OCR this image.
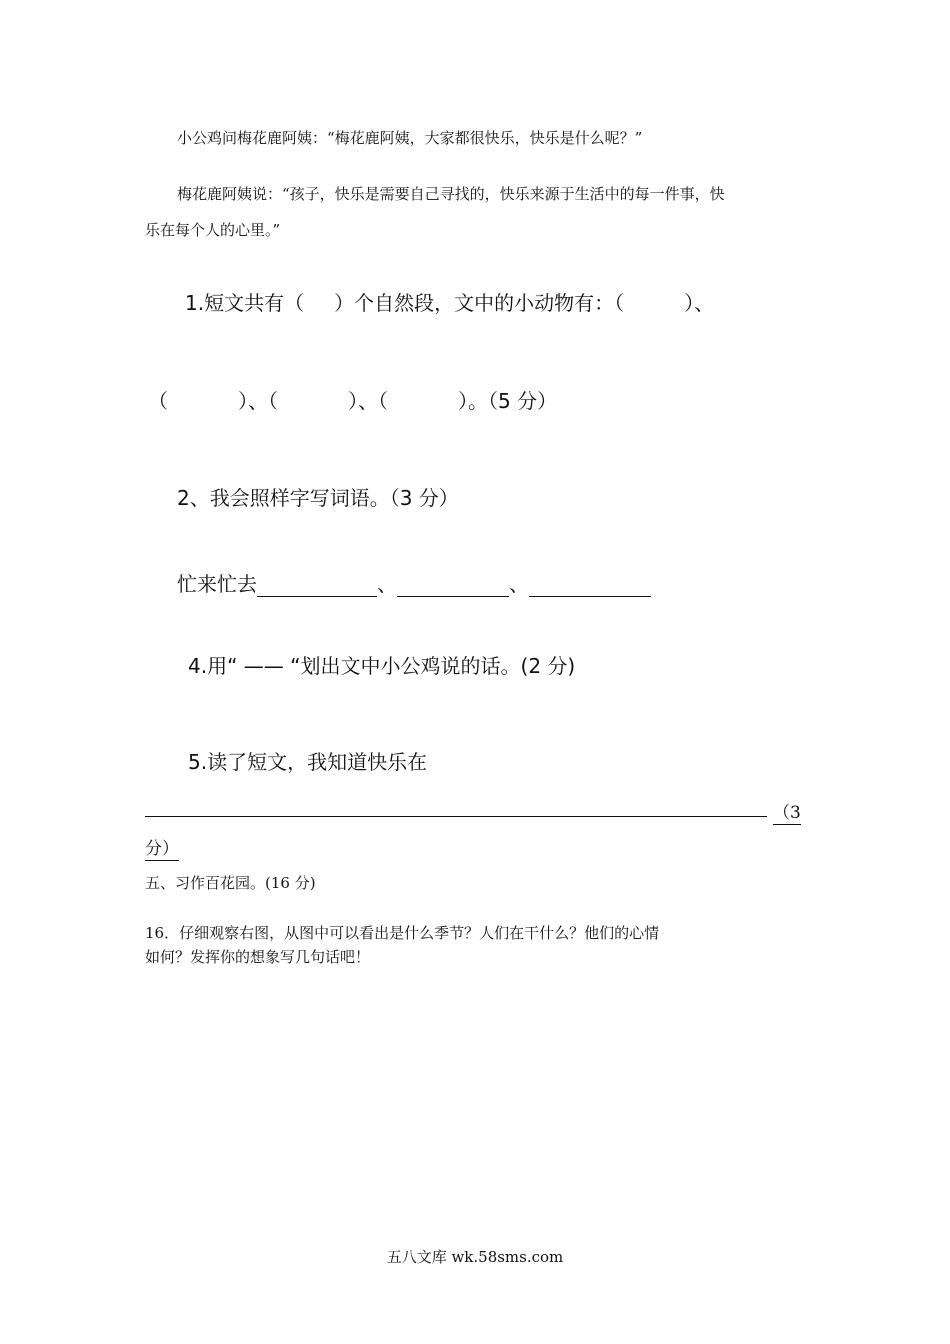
小公鸡问梅花鹿阿姨：“梅花鹿阿姨，大家都很快乐，快乐是什么呢？”
梅花鹿阿姨说：“孩子，快乐是需要自己寻找的，快乐来源于生活中的每一件事，快
乐在每个人的心里。”
1.短文共有（ ）个自然段，文中的小动物有：（	）、
（	）、（	）、（	）。（5 分）
2、我会照样字写词语。（3 分）
忙来忙去	、	、
4.用“ —— “划出文中小公鸡说的话。(2 分)
5.读了短文，我知道快乐在
（3
分）
五、习作百花园。(16 分)
16．仔细观察右图，从图中可以看出是什么季节？人们在干什么？他们的心情
如何？发挥你的想象写几句话吧！
五八文库 wk.58sms.com
